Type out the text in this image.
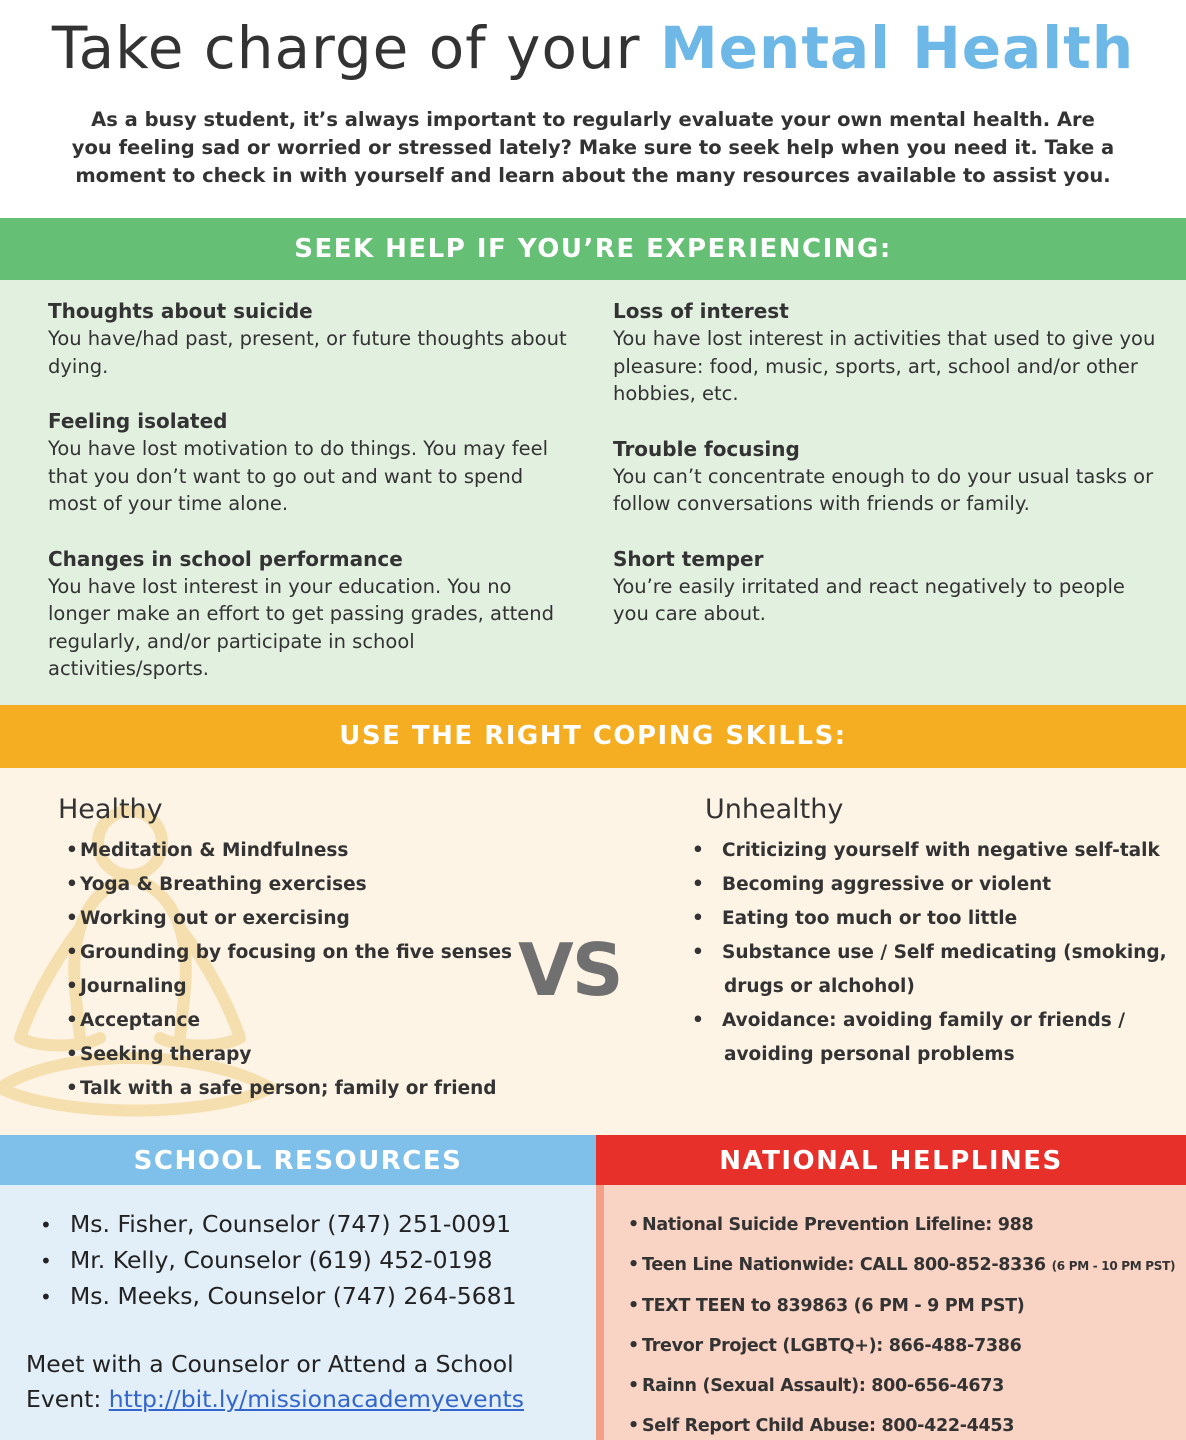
Take charge of your Mental Health

As a busy student, it’s always important to regularly evaluate your own mental health. Are you feeling sad or worried or stressed lately? Make sure to seek help when you need it. Take a moment to check in with yourself and learn about the many resources available to assist you.

SEEK HELP IF YOU’RE EXPERIENCING:
Thoughts about suicide
You have/had past, present, or future thoughts about dying.
Feeling isolated
You have lost motivation to do things. You may feel that you don’t want to go out and want to spend most of your time alone.
Changes in school performance
You have lost interest in your education. You no longer make an effort to get passing grades, attend regularly, and/or participate in school activities/sports.
Loss of interest
You have lost interest in activities that used to give you pleasure: food, music, sports, art, school and/or other hobbies, etc.
Trouble focusing
You can’t concentrate enough to do your usual tasks or follow conversations with friends or family.
Short temper
You’re easily irritated and react negatively to people you care about.
USE THE RIGHT COPING SKILLS:
Healthy
• Meditation & Mindfulness
• Yoga & Breathing exercises
• Working out or exercising
• Grounding by focusing on the five senses
• Journaling
• Acceptance
• Seeking therapy
• Talk with a safe person; family or friend
VS
Unhealthy
• Criticizing yourself with negative self-talk
• Becoming aggressive or violent
• Eating too much or too little
• Substance use / Self medicating (smoking, drugs or alchohol)
• Avoidance: avoiding family or friends / avoiding personal problems
SCHOOL RESOURCES	NATIONAL HELPLINES
• Ms. Fisher, Counselor (747) 251-0091
• Mr. Kelly, Counselor (619) 452-0198
• Ms. Meeks, Counselor (747) 264-5681

Meet with a Counselor or Attend a School Event: http://bit.ly/missionacademyevents

• National Suicide Prevention Lifeline: 988
• Teen Line Nationwide: CALL 800-852-8336 (6 PM - 10 PM PST)
• TEXT TEEN to 839863 (6 PM - 9 PM PST)
• Trevor Project (LGBTQ+): 866-488-7386
• Rainn (Sexual Assault): 800-656-4673
• Self Report Child Abuse: 800-422-4453
